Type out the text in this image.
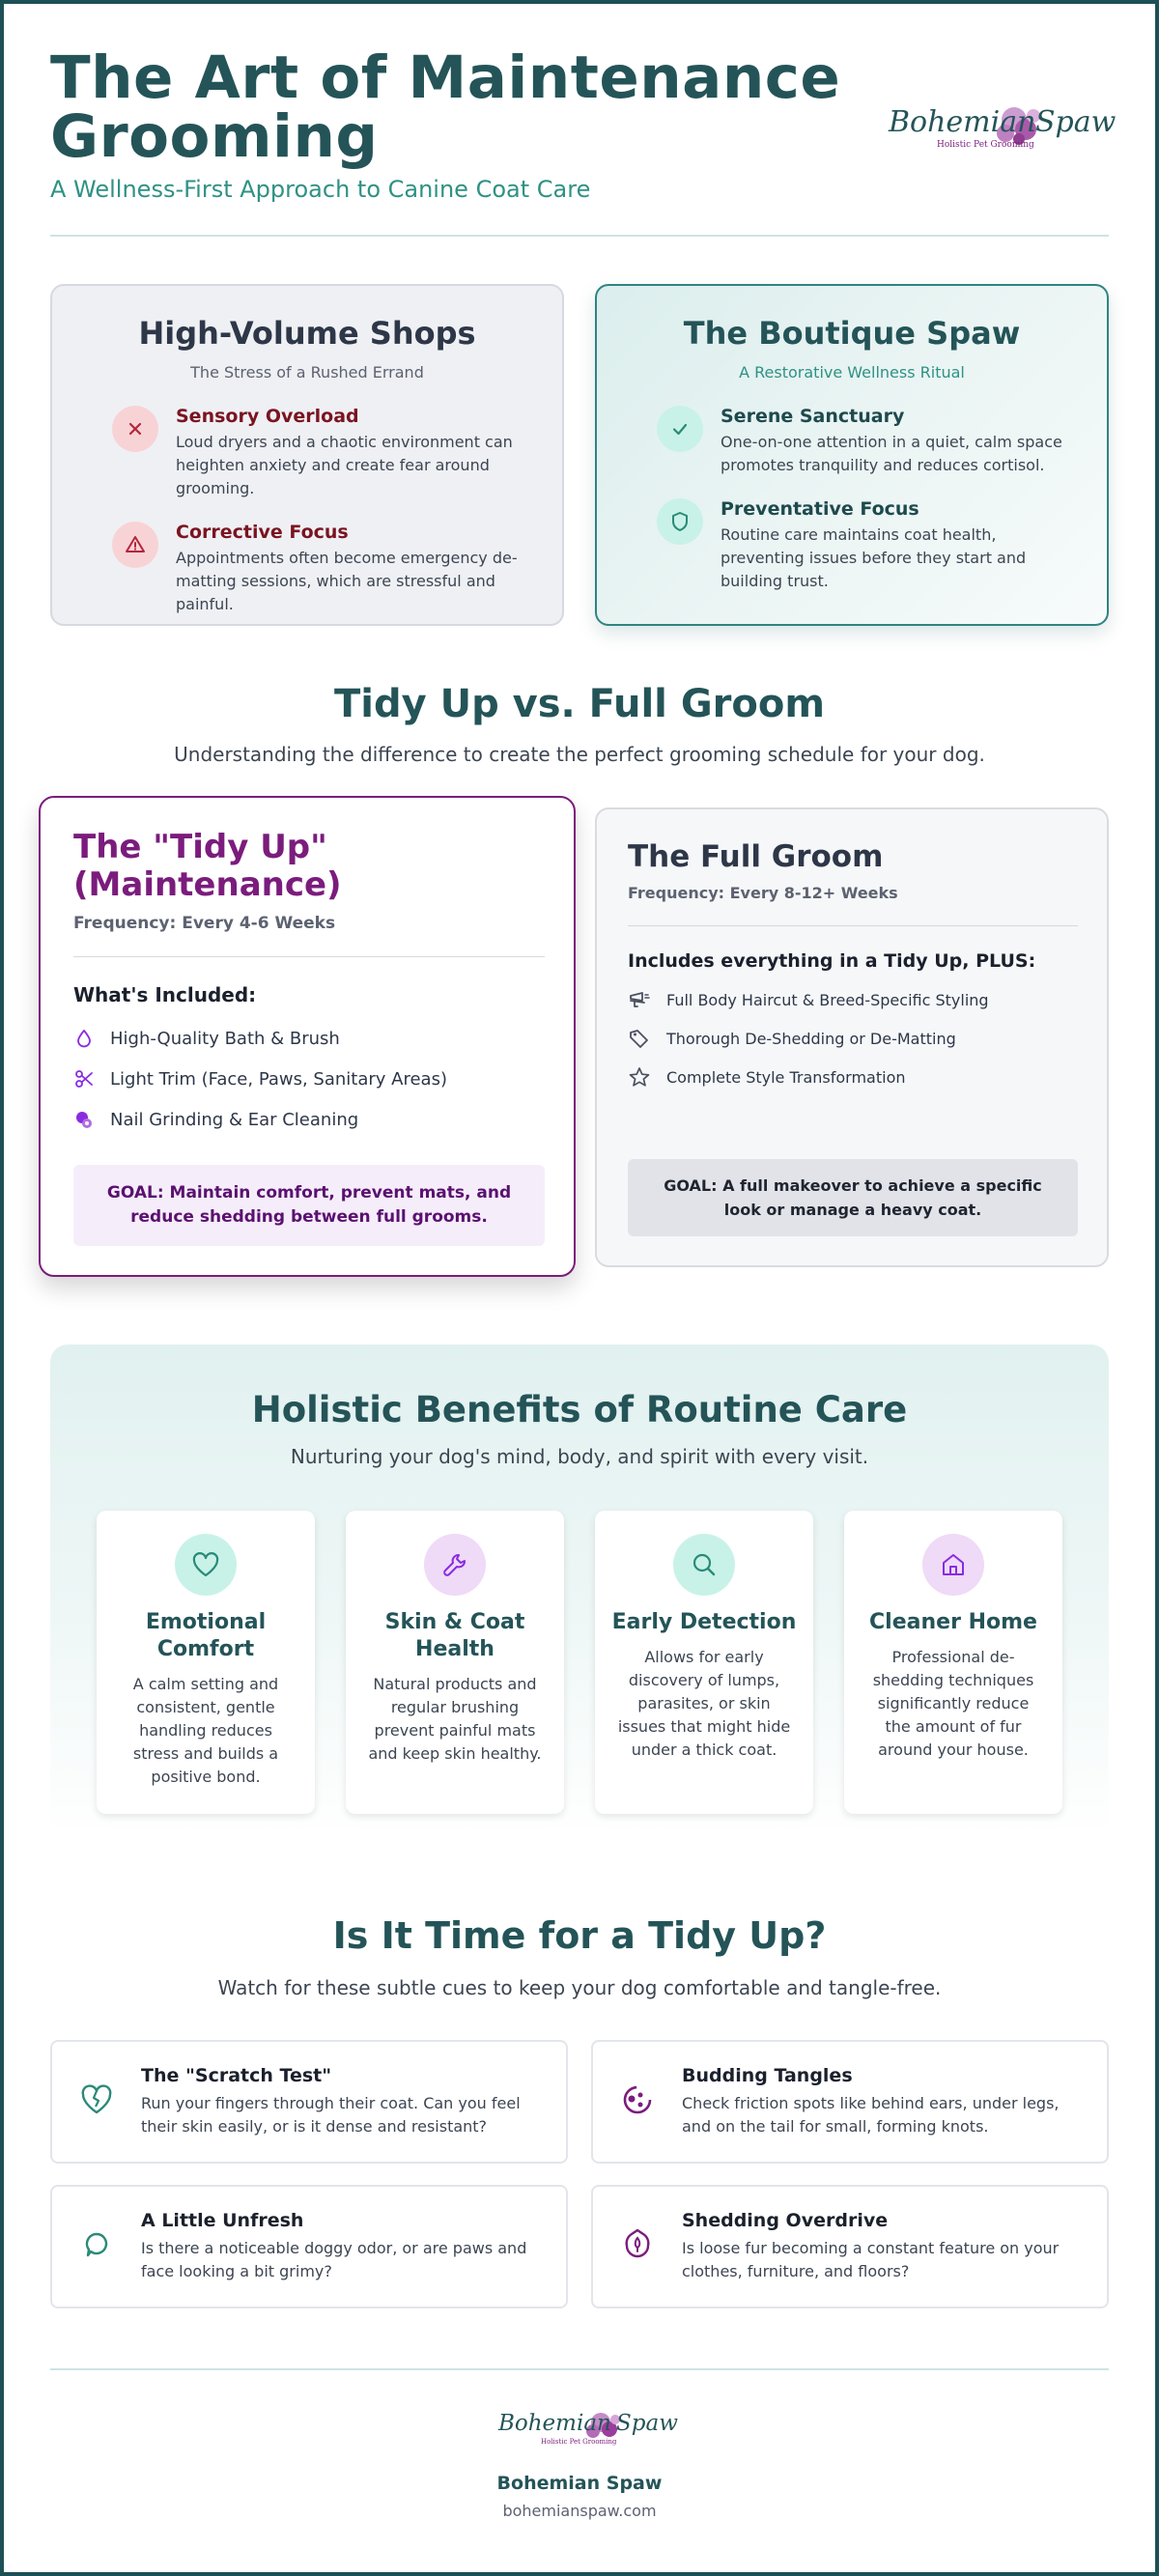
The Art of Maintenance Grooming
A Wellness-First Approach to Canine Coat Care
Bohemian Spaw
Holistic Pet Grooming
High-Volume Shops
The Stress of a Rushed Errand
Sensory Overload
Loud dryers and a chaotic environment can heighten anxiety and create fear around grooming.
Corrective Focus
Appointments often become emergency de-matting sessions, which are stressful and painful.
The Boutique Spaw
A Restorative Wellness Ritual
Serene Sanctuary
One-on-one attention in a quiet, calm space promotes tranquility and reduces cortisol.
Preventative Focus
Routine care maintains coat health, preventing issues before they start and building trust.
Tidy Up vs. Full Groom
Understanding the difference to create the perfect grooming schedule for your dog.
The "Tidy Up"
(Maintenance)
Frequency: Every 4-6 Weeks
What's Included:
High-Quality Bath & Brush
Light Trim (Face, Paws, Sanitary Areas)
Nail Grinding & Ear Cleaning
GOAL: Maintain comfort, prevent mats, and reduce shedding between full grooms.
The Full Groom
Frequency: Every 8-12+ Weeks
Includes everything in a Tidy Up, PLUS:
Full Body Haircut & Breed-Specific Styling
Thorough De-Shedding or De-Matting
Complete Style Transformation
GOAL: A full makeover to achieve a specific look or manage a heavy coat.
Holistic Benefits of Routine Care
Nurturing your dog's mind, body, and spirit with every visit.
Emotional Comfort
A calm setting and consistent, gentle handling reduces stress and builds a positive bond.
Skin & Coat Health
Natural products and regular brushing prevent painful mats and keep skin healthy.
Early Detection
Allows for early discovery of lumps, parasites, or skin issues that might hide under a thick coat.
Cleaner Home
Professional de-shedding techniques significantly reduce the amount of fur around your house.
Is It Time for a Tidy Up?
Watch for these subtle cues to keep your dog comfortable and tangle-free.
The "Scratch Test"
Run your fingers through their coat. Can you feel their skin easily, or is it dense and resistant?
Budding Tangles
Check friction spots like behind ears, under legs, and on the tail for small, forming knots.
A Little Unfresh
Is there a noticeable doggy odor, or are paws and face looking a bit grimy?
Shedding Overdrive
Is loose fur becoming a constant feature on your clothes, furniture, and floors?
Bohemian Spaw
Holistic Pet Grooming
Bohemian Spaw
bohemianspaw.com
